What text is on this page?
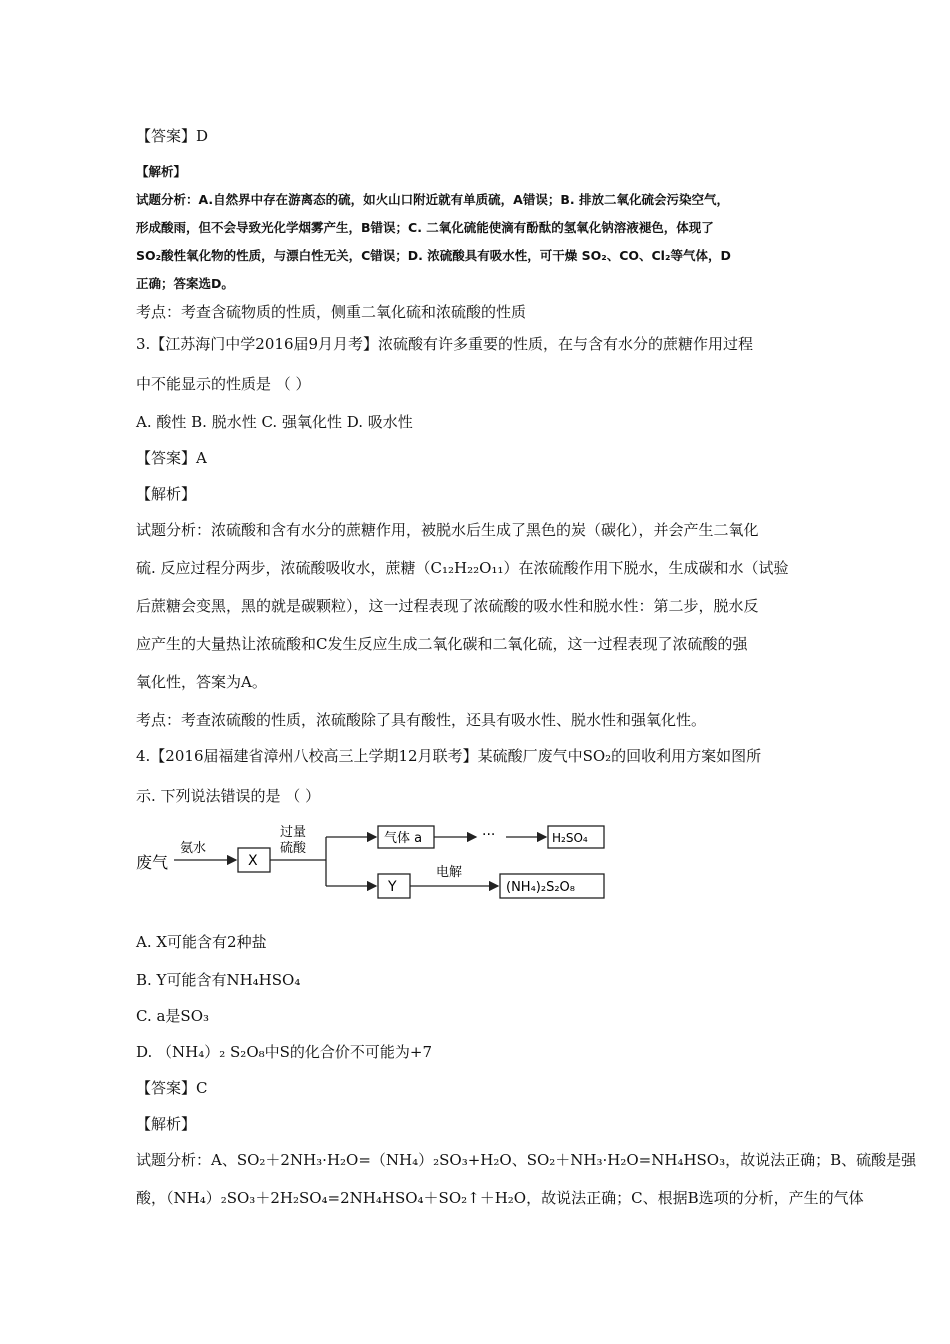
【答案】D
【解析】
试题分析：A.自然界中存在游离态的硫，如火山口附近就有单质硫，A错误；B. 排放二氧化硫会污染空气，
形成酸雨，但不会导致光化学烟雾产生，B错误；C. 二氧化硫能使滴有酚酞的氢氧化钠溶液褪色，体现了
SO₂酸性氧化物的性质，与漂白性无关，C错误；D. 浓硫酸具有吸水性，可干燥 SO₂、CO、Cl₂等气体，D
正确；答案选D。
考点：考查含硫物质的性质，侧重二氧化硫和浓硫酸的性质
3.【江苏海门中学2016届9月月考】浓硫酸有许多重要的性质，在与含有水分的蔗糖作用过程
中不能显示的性质是 （ ）
A. 酸性 B. 脱水性 C. 强氧化性 D. 吸水性
【答案】A
【解析】
试题分析：浓硫酸和含有水分的蔗糖作用，被脱水后生成了黑色的炭（碳化），并会产生二氧化
硫. 反应过程分两步，浓硫酸吸收水，蔗糖（C₁₂H₂₂O₁₁）在浓硫酸作用下脱水，生成碳和水（试验
后蔗糖会变黑，黑的就是碳颗粒），这一过程表现了浓硫酸的吸水性和脱水性：第二步，脱水反
应产生的大量热让浓硫酸和C发生反应生成二氧化碳和二氧化硫，这一过程表现了浓硫酸的强
氧化性，答案为A。
考点：考查浓硫酸的性质，浓硫酸除了具有酸性，还具有吸水性、脱水性和强氧化性。
4.【2016届福建省漳州八校高三上学期12月联考】某硫酸厂废气中SO₂的回收利用方案如图所
示. 下列说法错误的是 （ ）
废气
氨水
X
过量
硫酸
气体 a	···	H₂SO₄
Y
电解
(NH₄)₂S₂O₈
A. X可能含有2种盐
B. Y可能含有NH₄HSO₄
C. a是SO₃
D. （NH₄）₂ S₂O₈中S的化合价不可能为+7
【答案】C
【解析】
试题分析：A、SO₂＋2NH₃·H₂O=（NH₄）₂SO₃+H₂O、SO₂＋NH₃·H₂O=NH₄HSO₃，故说法正确；B、硫酸是强
酸，（NH₄）₂SO₃＋2H₂SO₄=2NH₄HSO₄＋SO₂↑＋H₂O，故说法正确；C、根据B选项的分析，产生的气体
